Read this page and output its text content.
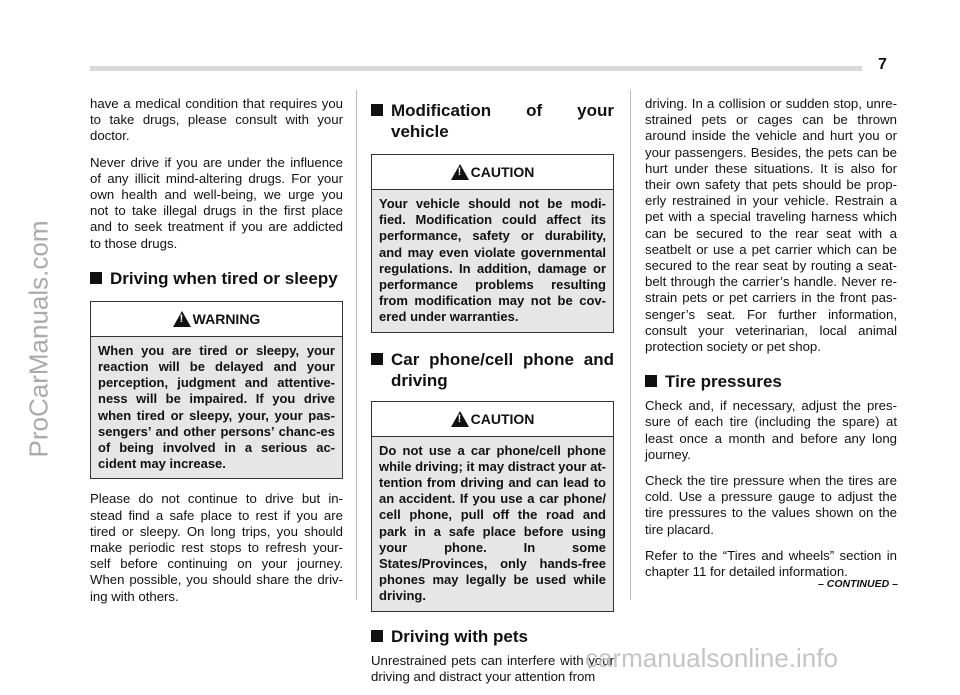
ProCarManuals.com
7

have a medical condition that requires you to take drugs, please consult with your doctor.

Never drive if you are under the influence of any illicit mind-altering drugs. For your own health and well-being, we urge you not to take illegal drugs in the first place and to seek treatment if you are addicted to those drugs.

Driving when tired or sleepy
!
WARNING
When you are tired or sleepy, your reaction will be delayed and your perception, judgment and attentive-ness will be impaired. If you drive when tired or sleepy, your, your pas-sengers’ and other persons’ chanc-es of being involved in a serious ac-cident may increase.

Please do not continue to drive but in-stead find a safe place to rest if you are tired or sleepy. On long trips, you should make periodic rest stops to refresh your-self before continuing on your journey. When possible, you should share the driv-ing with others.

Modification of your vehicle
!
CAUTION
Your vehicle should not be modi-fied. Modification could affect its performance, safety or durability, and may even violate governmental regulations. In addition, damage or performance problems resulting from modification may not be cov-ered under warranties.
Car phone/cell phone and driving
!
CAUTION
Do not use a car phone/cell phone while driving; it may distract your at-tention from driving and can lead to an accident. If you use a car phone/ cell phone, pull off the road and park in a safe place before using your phone. In some States/Provinces, only hands-free phones may legally be used while driving.
Driving with pets

Unrestrained pets can interfere with your driving and distract your attention from

driving. In a collision or sudden stop, unre-strained pets or cages can be thrown around inside the vehicle and hurt you or your passengers. Besides, the pets can be hurt under these situations. It is also for their own safety that pets should be prop-erly restrained in your vehicle. Restrain a pet with a special traveling harness which can be secured to the rear seat with a seatbelt or use a pet carrier which can be secured to the rear seat by routing a seat-belt through the carrier’s handle. Never re-strain pets or pet carriers in the front pas-senger’s seat. For further information, consult your veterinarian, local animal protection society or pet shop.

Tire pressures

Check and, if necessary, adjust the pres-sure of each tire (including the spare) at least once a month and before any long journey.

Check the tire pressure when the tires are cold. Use a pressure gauge to adjust the tire pressures to the values shown on the tire placard.

Refer to the “Tires and wheels” section in chapter 11 for detailed information.

– CONTINUED –
carmanualsonline.info
